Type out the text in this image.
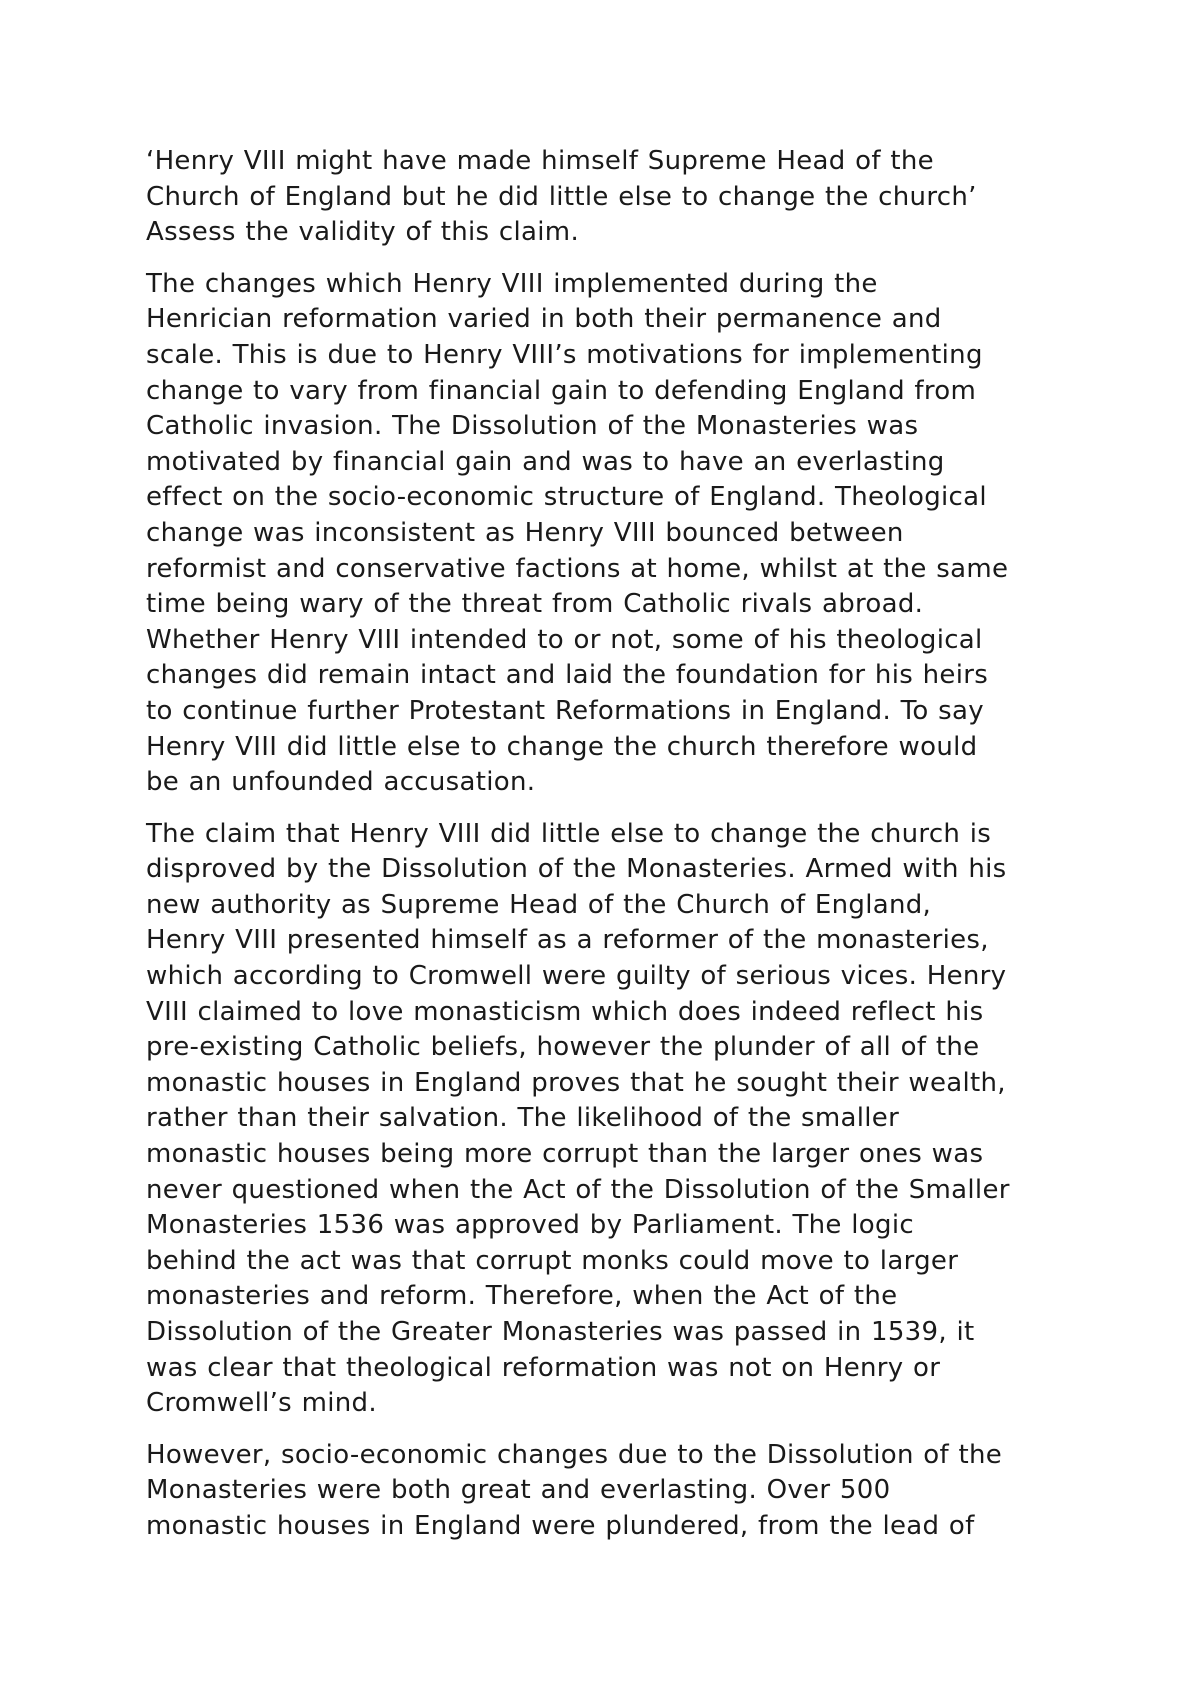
‘Henry VIII might have made himself Supreme Head of the
Church of England but he did little else to change the church’
Assess the validity of this claim.

The changes which Henry VIII implemented during the
Henrician reformation varied in both their permanence and
scale. This is due to Henry VIII’s motivations for implementing
change to vary from financial gain to defending England from
Catholic invasion. The Dissolution of the Monasteries was
motivated by financial gain and was to have an everlasting
effect on the socio-economic structure of England. Theological
change was inconsistent as Henry VIII bounced between
reformist and conservative factions at home, whilst at the same
time being wary of the threat from Catholic rivals abroad.
Whether Henry VIII intended to or not, some of his theological
changes did remain intact and laid the foundation for his heirs
to continue further Protestant Reformations in England. To say
Henry VIII did little else to change the church therefore would
be an unfounded accusation.

The claim that Henry VIII did little else to change the church is
disproved by the Dissolution of the Monasteries. Armed with his
new authority as Supreme Head of the Church of England,
Henry VIII presented himself as a reformer of the monasteries,
which according to Cromwell were guilty of serious vices. Henry
VIII claimed to love monasticism which does indeed reflect his
pre-existing Catholic beliefs, however the plunder of all of the
monastic houses in England proves that he sought their wealth,
rather than their salvation. The likelihood of the smaller
monastic houses being more corrupt than the larger ones was
never questioned when the Act of the Dissolution of the Smaller
Monasteries 1536 was approved by Parliament. The logic
behind the act was that corrupt monks could move to larger
monasteries and reform. Therefore, when the Act of the
Dissolution of the Greater Monasteries was passed in 1539, it
was clear that theological reformation was not on Henry or
Cromwell’s mind.

However, socio-economic changes due to the Dissolution of the
Monasteries were both great and everlasting. Over 500
monastic houses in England were plundered, from the lead of
